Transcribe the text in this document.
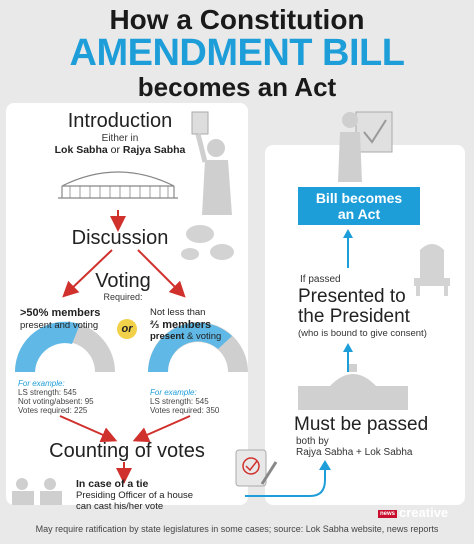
How a Constitution
AMENDMENT BILL
becomes an Act
Introduction
Either in
Lok Sabha or Rajya Sabha
Discussion
Voting
Required:
>50% members
present and voting
For example:
LS strength: 545
Not voting/absent: 95
Votes required: 225
or
Not less than
⅔ members
present & voting
For example:
LS strength: 545
Votes required: 350
Counting of votes
In case of a tie
Presiding Officer of a house
can cast his/her vote
Bill becomes
an Act
If passed
Presented to
the President
(who is bound to give consent)
Must be passed
both by
Rajya Sabha + Lok Sabha
news creative
May require ratification by state legislatures in some cases; source: Lok Sabha website, news reports
